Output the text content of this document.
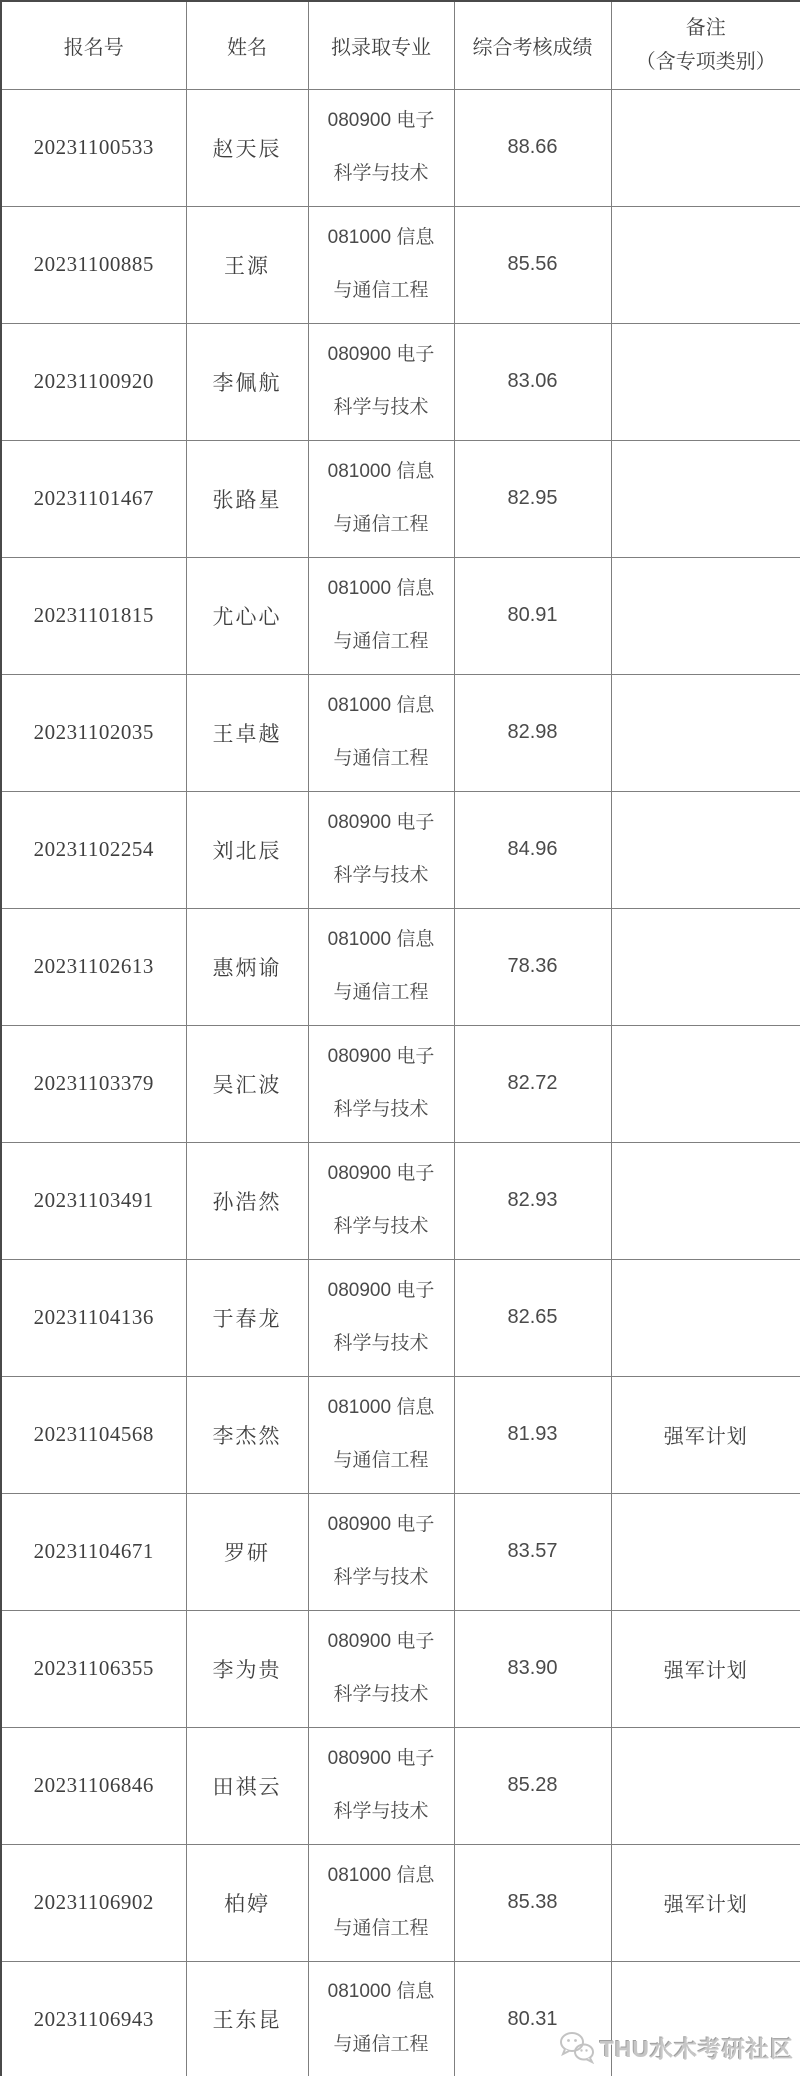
报名号	姓名	拟录取专业	综合考核成绩	备注
（含专项类别）

20231100533	赵天辰	080900 电子
科学与技术	88.66	
20231100885	王源	081000 信息
与通信工程	85.56	
20231100920	李佩航	080900 电子
科学与技术	83.06	
20231101467	张路星	081000 信息
与通信工程	82.95	
20231101815	尤心心	081000 信息
与通信工程	80.91	
20231102035	王卓越	081000 信息
与通信工程	82.98	
20231102254	刘北辰	080900 电子
科学与技术	84.96	
20231102613	惠炳谕	081000 信息
与通信工程	78.36	
20231103379	吴汇波	080900 电子
科学与技术	82.72	
20231103491	孙浩然	080900 电子
科学与技术	82.93	
20231104136	于春龙	080900 电子
科学与技术	82.65	
20231104568	李杰然	081000 信息
与通信工程	81.93	强军计划
20231104671	罗研	080900 电子
科学与技术	83.57	
20231106355	李为贵	080900 电子
科学与技术	83.90	强军计划
20231106846	田祺云	080900 电子
科学与技术	85.28	
20231106902	柏婷	081000 信息
与通信工程	85.38	强军计划
20231106943	王东昆	081000 信息
与通信工程	80.31	
THU水木考研社区
